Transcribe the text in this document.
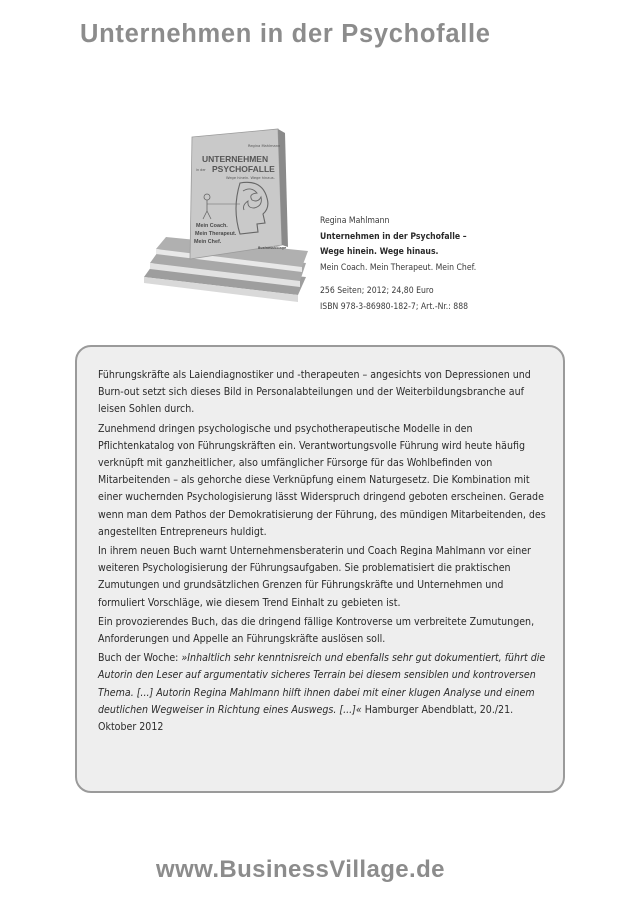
Unternehmen in der Psychofalle
Regina Mahlmann
UNTERNEHMEN
in der PSYCHOFALLE
Wege hinein. Wege hinaus.
Mein Coach.
Mein Therapeut.
Mein Chef.
BusinessVillage
Regina Mahlmann
Unternehmen in der Psychofalle –
Wege hinein. Wege hinaus.
Mein Coach. Mein Therapeut. Mein Chef.
256 Seiten; 2012; 24,80 Euro
ISBN 978-3-86980-182-7; Art.-Nr.: 888

Führungskräfte als Laiendiagnostiker und -therapeuten – angesichts von Depressionen und Burn-out setzt sich dieses Bild in Personalabteilungen und der Weiterbildungsbranche auf leisen Sohlen durch.

Zunehmend dringen psychologische und psychotherapeutische Modelle in den Pflichtenkatalog von Führungskräften ein. Verantwortungsvolle Führung wird heute häufig verknüpft mit ganzheitlicher, also umfänglicher Fürsorge für das Wohlbefinden von Mitarbeitenden – als gehorche diese Verknüpfung einem Naturgesetz. Die Kombination mit einer wuchernden Psychologisierung lässt Widerspruch dringend geboten erscheinen. Gerade wenn man dem Pathos der Demokratisierung der Führung, des mündigen Mitarbeitenden, des angestellten Entrepreneurs huldigt.

In ihrem neuen Buch warnt Unternehmensberaterin und Coach Regina Mahlmann vor einer weiteren Psychologisierung der Führungsaufgaben. Sie problematisiert die praktischen Zumutungen und grundsätzlichen Grenzen für Führungskräfte und Unternehmen und formuliert Vorschläge, wie diesem Trend Einhalt zu gebieten ist.

Ein provozierendes Buch, das die dringend fällige Kontroverse um verbreitete Zumutungen, Anforderungen und Appelle an Führungskräfte auslösen soll.

Buch der Woche: »Inhaltlich sehr kenntnisreich und ebenfalls sehr gut dokumentiert, führt die Autorin den Leser auf argumentativ sicheres Terrain bei diesem sensiblen und kontroversen Thema. [...] Autorin Regina Mahlmann hilft ihnen dabei mit einer klugen Analyse und einem deutlichen Wegweiser in Richtung eines Auswegs. [...]« Hamburger Abendblatt, 20./21. Oktober 2012

www.BusinessVillage.de
